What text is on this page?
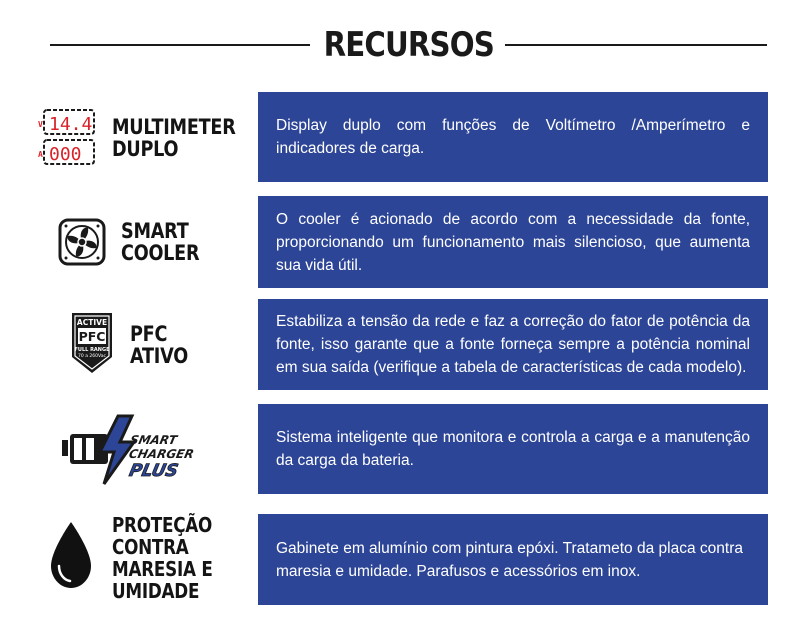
RECURSOS
V
A
14.4
000
MULTIMETER
DUPLO

Display duplo com funções de Voltímetro /Amperímetro e indicadores de carga.

SMART
COOLER

O cooler é acionado de acordo com a necessidade da fonte, proporcionando um funcionamento mais silencioso, que aumenta sua vida útil.

ACTIVE
PFC
FULL RANGE
70 a 260Vac
PFC
ATIVO

Estabiliza a tensão da rede e faz a correção do fator de potência da fonte, isso garante que a fonte forneça sempre a potência nominal em sua saída (verifique a tabela de características de cada modelo).

SMART
CHARGER
PLUS

Sistema inteligente que monitora e controla a carga e a manutenção da carga da bateria.

PROTEÇÃO
CONTRA
MARESIA E
UMIDADE

Gabinete em alumínio com pintura epóxi. Tratameto da placa contra maresia e umidade. Parafusos e acessórios em inox.
